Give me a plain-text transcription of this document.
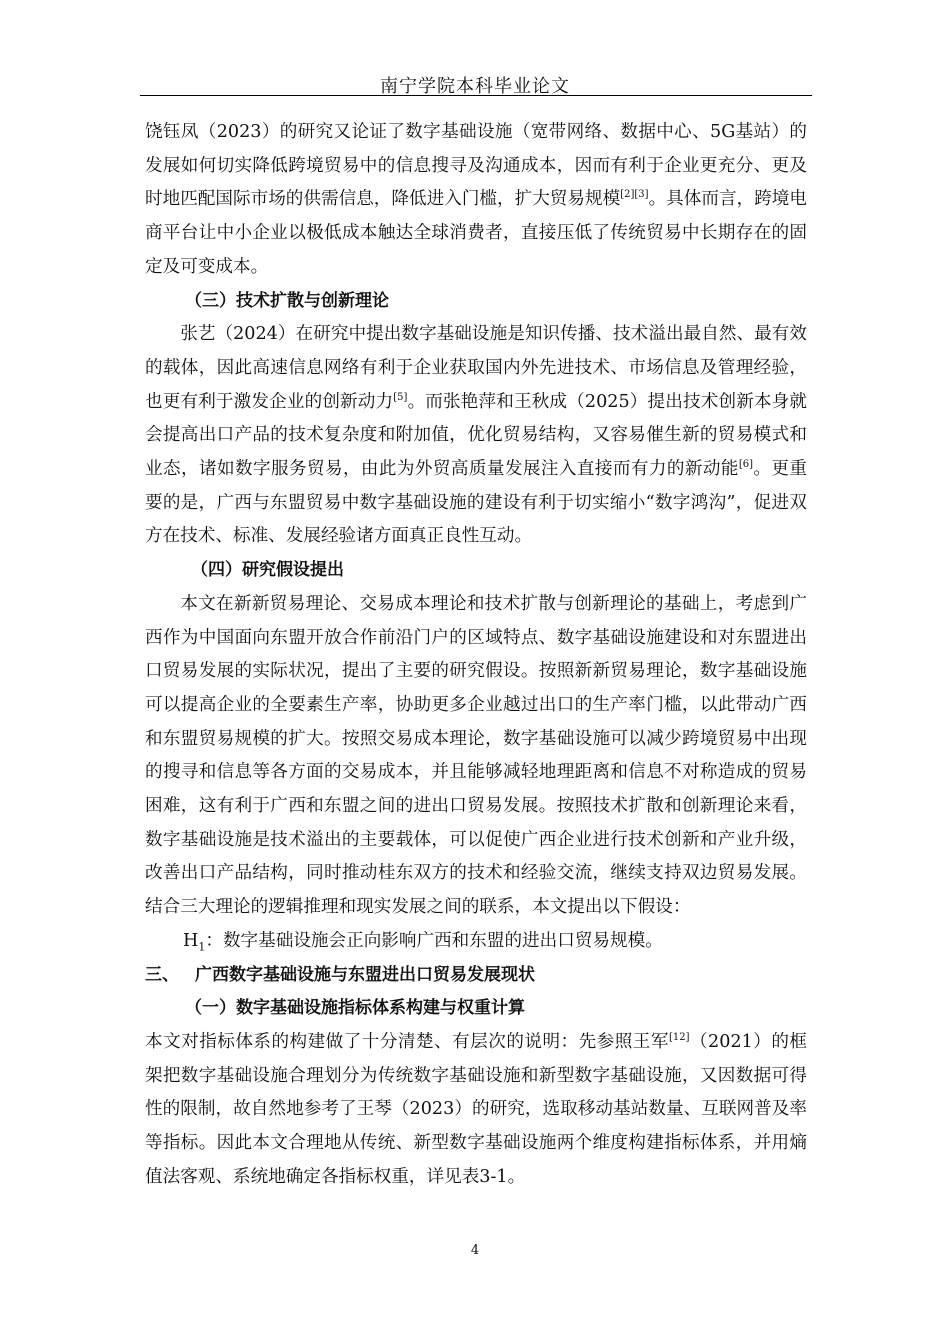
南宁学院本科毕业论文

饶钰凤（2023）的研究又论证了数字基础设施（宽带网络、数据中心、5G基站）的发展如何切实降低跨境贸易中的信息搜寻及沟通成本，因而有利于企业更充分、更及时地匹配国际市场的供需信息，降低进入门槛，扩大贸易规模[2][3]。具体而言，跨境电商平台让中小企业以极低成本触达全球消费者，直接压低了传统贸易中长期存在的固定及可变成本。

（三）技术扩散与创新理论

张艺（2024）在研究中提出数字基础设施是知识传播、技术溢出最自然、最有效的载体，因此高速信息网络有利于企业获取国内外先进技术、市场信息及管理经验，也更有利于激发企业的创新动力[5]。而张艳萍和王秋成（2025）提出技术创新本身就会提高出口产品的技术复杂度和附加值，优化贸易结构，又容易催生新的贸易模式和业态，诸如数字服务贸易，由此为外贸高质量发展注入直接而有力的新动能[6]。更重要的是，广西与东盟贸易中数字基础设施的建设有利于切实缩小“数字鸿沟”，促进双方在技术、标准、发展经验诸方面真正良性互动。

（四）研究假设提出

本文在新新贸易理论、交易成本理论和技术扩散与创新理论的基础上，考虑到广西作为中国面向东盟开放合作前沿门户的区域特点、数字基础设施建设和对东盟进出口贸易发展的实际状况，提出了主要的研究假设。按照新新贸易理论，数字基础设施可以提高企业的全要素生产率，协助更多企业越过出口的生产率门槛，以此带动广西和东盟贸易规模的扩大。按照交易成本理论，数字基础设施可以减少跨境贸易中出现的搜寻和信息等各方面的交易成本，并且能够减轻地理距离和信息不对称造成的贸易困难，这有利于广西和东盟之间的进出口贸易发展。按照技术扩散和创新理论来看，数字基础设施是技术溢出的主要载体，可以促使广西企业进行技术创新和产业升级，改善出口产品结构，同时推动桂东双方的技术和经验交流，继续支持双边贸易发展。结合三大理论的逻辑推理和现实发展之间的联系，本文提出以下假设：

$H_1$：数字基础设施会正向影响广西和东盟的进出口贸易规模。

三、 广西数字基础设施与东盟进出口贸易发展现状

（一）数字基础设施指标体系构建与权重计算

本文对指标体系的构建做了十分清楚、有层次的说明：先参照王军[12]（2021）的框架把数字基础设施合理划分为传统数字基础设施和新型数字基础设施，又因数据可得性的限制，故自然地参考了王琴（2023）的研究，选取移动基站数量、互联网普及率等指标。因此本文合理地从传统、新型数字基础设施两个维度构建指标体系，并用熵值法客观、系统地确定各指标权重，详见表3-1。

4
